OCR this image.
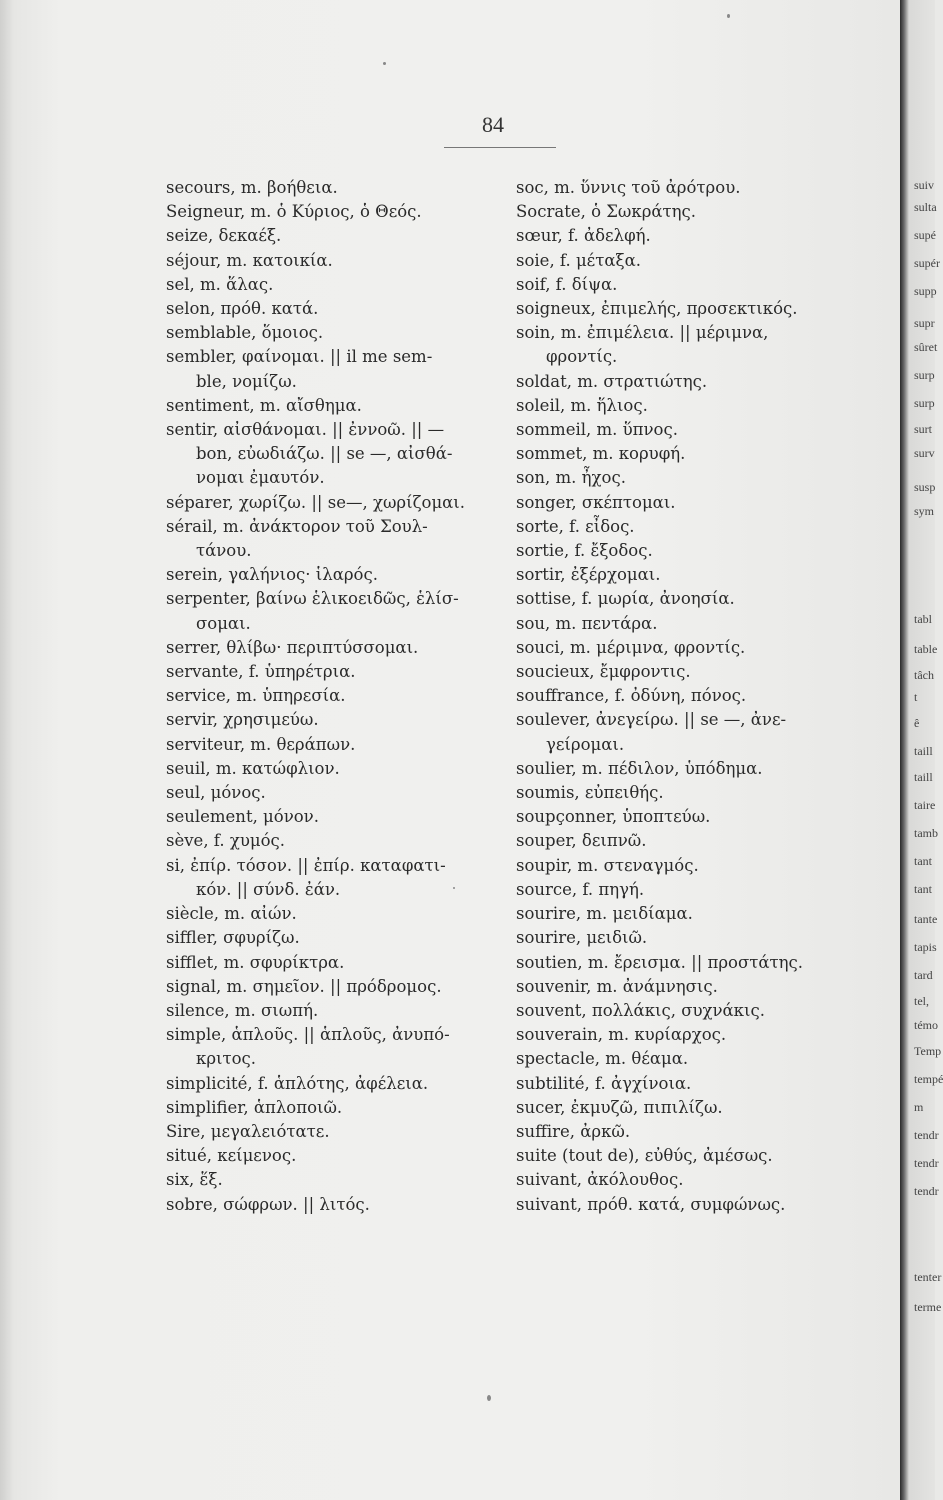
84
secours, m. βοήθεια.
Seigneur, m. ὁ Κύριος, ὁ Θεός.
seize, δεκαέξ.
séjour, m. κατοικία.
sel, m. ἅλας.
selon, πρόθ. κατά.
semblable, ὅμοιος.
sembler, φαίνομαι. || il me sem-
ble, νομίζω.
sentiment, m. αἴσθημα.
sentir, αἰσθάνομαι. || ἐννοῶ. || —
bon, εὐωδιάζω. || se —, αἰσθά-
νομαι ἐμαυτόν.
séparer, χωρίζω. || se—, χωρίζομαι.
sérail, m. ἀνάκτορον τοῦ Σουλ-
τάνου.
serein, γαλήνιος· ἱλαρός.
serpenter, βαίνω ἑλικοειδῶς, ἑλίσ-
σομαι.
serrer, θλίβω· περιπτύσσομαι.
servante, f. ὑπηρέτρια.
service, m. ὑπηρεσία.
servir, χρησιμεύω.
serviteur, m. θεράπων.
seuil, m. κατώφλιον.
seul, μόνος.
seulement, μόνον.
sève, f. χυμός.
si, ἐπίρ. τόσον. || ἐπίρ. καταφατι-
κόν. || σύνδ. ἐάν.
siècle, m. αἰών.
siffler, σφυρίζω.
sifflet, m. σφυρίκτρα.
signal, m. σημεῖον. || πρόδρομος.
silence, m. σιωπή.
simple, ἁπλοῦς. || ἁπλοῦς, ἀνυπό-
κριτος.
simplicité, f. ἁπλότης, ἀφέλεια.
simplifier, ἁπλοποιῶ.
Sire, μεγαλειότατε.
situé, κείμενος.
six, ἕξ.
sobre, σώφρων. || λιτός.
soc, m. ὕννις τοῦ ἀρότρου.
Socrate, ὁ Σωκράτης.
sœur, f. ἀδελφή.
soie, f. μέταξα.
soif, f. δίψα.
soigneux, ἐπιμελής, προσεκτικός.
soin, m. ἐπιμέλεια. || μέριμνα,
φροντίς.
soldat, m. στρατιώτης.
soleil, m. ἥλιος.
sommeil, m. ὕπνος.
sommet, m. κορυφή.
son, m. ἦχος.
songer, σκέπτομαι.
sorte, f. εἶδος.
sortie, f. ἔξοδος.
sortir, ἐξέρχομαι.
sottise, f. μωρία, ἀνοησία.
sou, m. πεντάρα.
souci, m. μέριμνα, φροντίς.
soucieux, ἔμφροντις.
souffrance, f. ὀδύνη, πόνος.
soulever, ἀνεγείρω. || se —, ἀνε-
γείρομαι.
soulier, m. πέδιλον, ὑπόδημα.
soumis, εὐπειθής.
soupçonner, ὑποπτεύω.
souper, δειπνῶ.
soupir, m. στεναγμός.
source, f. πηγή.
sourire, m. μειδίαμα.
sourire, μειδιῶ.
soutien, m. ἔρεισμα. || προστάτης.
souvenir, m. ἀνάμνησις.
souvent, πολλάκις, συχνάκις.
souverain, m. κυρίαρχος.
spectacle, m. θέαμα.
subtilité, f. ἀγχίνοια.
sucer, ἐκμυζῶ, πιπιλίζω.
suffire, ἀρκῶ.
suite (tout de), εὐθύς, ἀμέσως.
suivant, ἀκόλουθος.
suivant, πρόθ. κατά, συμφώνως.
suiv
sulta
supé
supér
supp
supr
sûret
surp
surp
surt
surv
susp
sym
tabl
table
tâch
t
ê
taill
taill
taire
tamb
tant
tant
tante
tapis
tard
tel,
témo
Temp
tempé
m
tendr
tendr
tendr
tenter
terme
